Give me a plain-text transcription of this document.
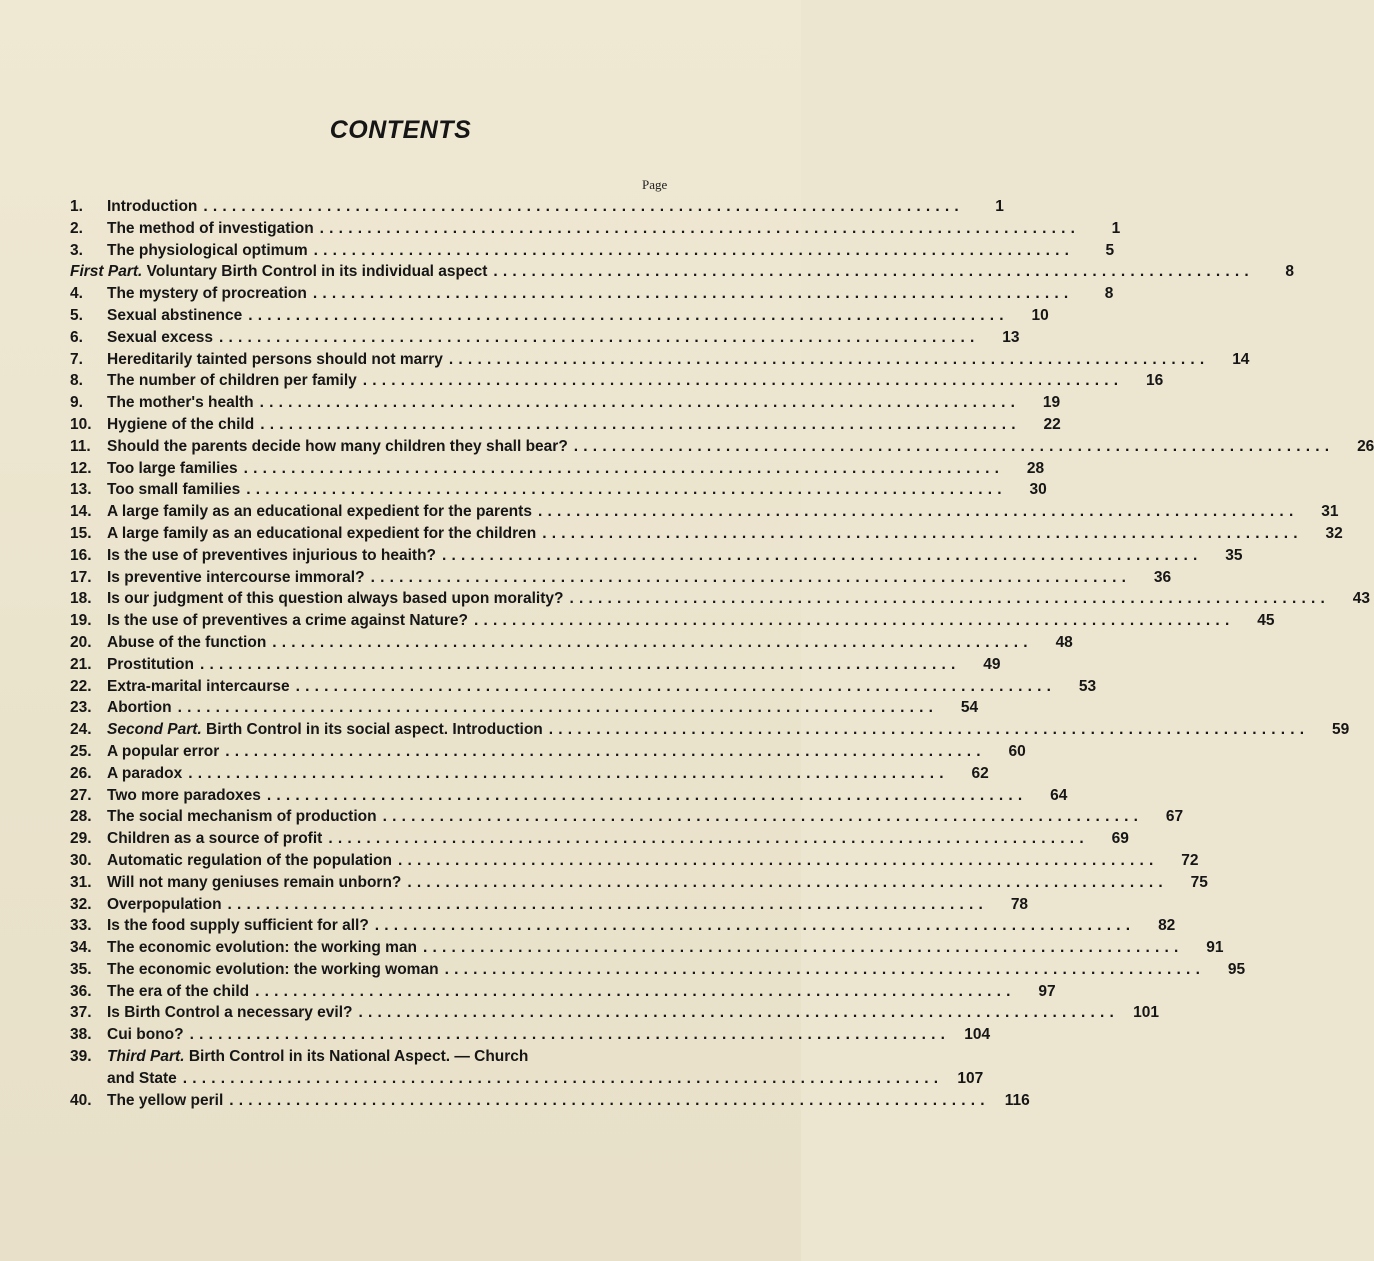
CONTENTS
Page
1. Introduction ................................................................................	1
2. The method of investigation ................................................................................	1
3. The physiological optimum ................................................................................	5
First Part. Voluntary Birth Control in its individual aspect ................................................................................	8
4. The mystery of procreation ................................................................................	8
5. Sexual abstinence ................................................................................	10
6. Sexual excess ................................................................................	13
7. Hereditarily tainted persons should not marry ................................................................................	14
8. The number of children per family ................................................................................	16
9. The mother's health ................................................................................	19
10. Hygiene of the child ................................................................................	22
11. Should the parents decide how many children they shall bear? ................................................................................	26
12. Too large families ................................................................................	28
13. Too small families ................................................................................	30
14. A large family as an educational expedient for the parents ................................................................................	31
15. A large family as an educational expedient for the children ................................................................................	32
16. Is the use of preventives injurious to heaith? ................................................................................	35
17. Is preventive intercourse immoral? ................................................................................	36
18. Is our judgment of this question always based upon morality? ................................................................................	43
19. Is the use of preventives a crime against Nature? ................................................................................	45
20. Abuse of the function ................................................................................	48
21. Prostitution ................................................................................	49
22. Extra-marital intercaurse ................................................................................	53
23. Abortion ................................................................................	54
24. Second Part. Birth Control in its social aspect. Introduction ................................................................................	59
25. A popular error ................................................................................	60
26. A paradox ................................................................................	62
27. Two more paradoxes ................................................................................	64
28. The social mechanism of production ................................................................................	67
29. Children as a source of profit ................................................................................	69
30. Automatic regulation of the population ................................................................................	72
31. Will not many geniuses remain unborn? ................................................................................	75
32. Overpopulation ................................................................................	78
33. Is the food supply sufficient for all? ................................................................................	82
34. The economic evolution: the working man ................................................................................	91
35. The economic evolution: the working woman ................................................................................	95
36. The era of the child ................................................................................	97
37. Is Birth Control a necessary evil? ................................................................................ 101
38. Cui bono? ................................................................................ 104
39. Third Part. Birth Control in its National Aspect. — Church
and State ................................................................................ 107
40. The yellow peril ................................................................................ 116
